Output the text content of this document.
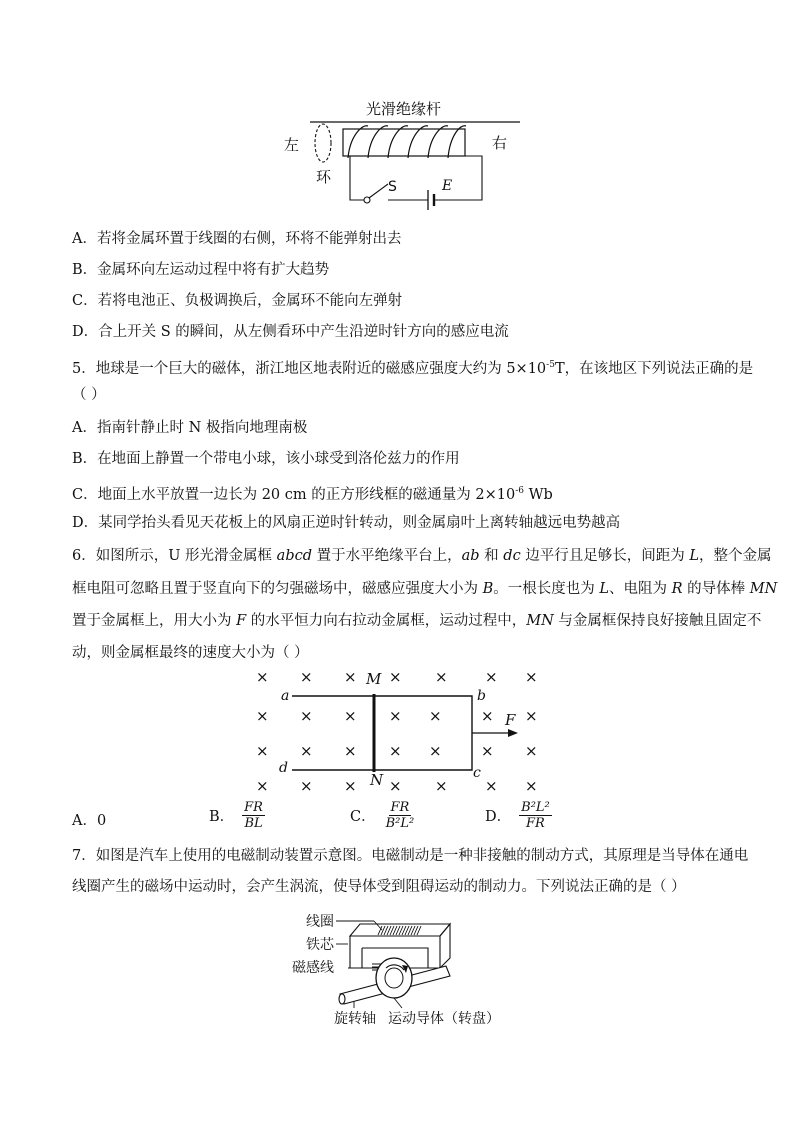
光滑绝缘杆
左	右
环
S	E
A．若将金属环置于线圈的右侧，环将不能弹射出去
B．金属环向左运动过程中将有扩大趋势
C．若将电池正、负极调换后，金属环不能向左弹射
D．合上开关 S 的瞬间，从左侧看环中产生沿逆时针方向的感应电流
5．地球是一个巨大的磁体，浙江地区地表附近的磁感应强度大约为 $5\times 10^{-5}T$，在该地区下列说法正确的是
（ ）
A．指南针静止时 N 极指向地理南极
B．在地面上静置一个带电小球，该小球受到洛伦兹力的作用
C．地面上水平放置一边长为 20 cm 的正方形线框的磁通量为 $2\times 10^{-6}$ Wb
D．某同学抬头看见天花板上的风扇正逆时针转动，则金属扇叶上离转轴越远电势越高
6．如图所示，U 形光滑金属框 abcd 置于水平绝缘平台上，ab 和 dc 边平行且足够长，间距为 L，整个金属
框电阻可忽略且置于竖直向下的匀强磁场中，磁感应强度大小为 B。一根长度也为 L、电阻为 R 的导体棒 MN
置于金属框上，用大小为 F 的水平恒力向右拉动金属框，运动过程中，MN 与金属框保持良好接触且固定不
动，则金属框最终的速度大小为（ ）
× × × × × × ×
× × × × ×	× ×
× × × × ×	× ×
× × × × × × ×
M
N
a	b
d	c
F
A．0	B． $\frac{FR}{BL}$	C． $\frac{FR}{\text{B²L²}}$	D． $\frac{\text{B²L²}}{FR}$
7．如图是汽车上使用的电磁制动装置示意图。电磁制动是一种非接触的制动方式，其原理是当导体在通电
线圈产生的磁场中运动时，会产生涡流，使导体受到阻碍运动的制动力。下列说法正确的是（ ）
线圈
铁芯
磁感线
旋转轴 运动导体（转盘）
